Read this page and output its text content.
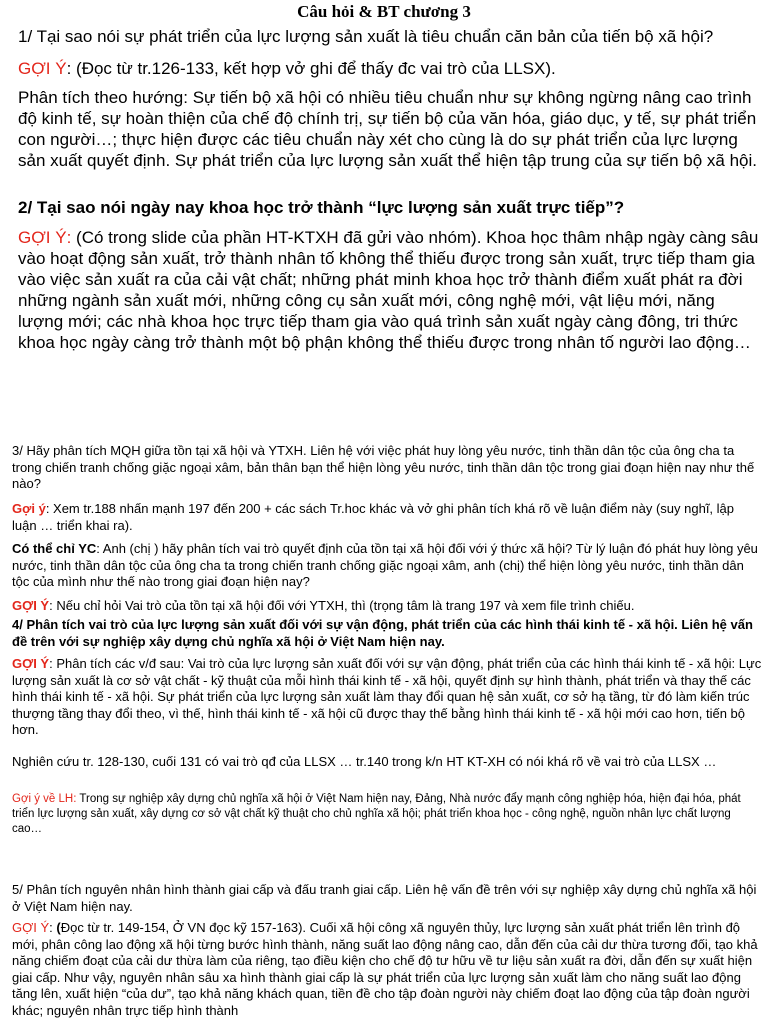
Câu hỏi & BT chương 3

1/ Tại sao nói sự phát triển của lực lượng sản xuất là tiêu chuẩn căn bản của tiến bộ xã hội?

GỢI Ý: (Đọc từ tr.126-133, kết hợp vở ghi để thấy đc vai trò của LLSX).

Phân tích theo hướng: Sự tiến bộ xã hội có nhiều tiêu chuẩn như sự không ngừng nâng cao trình độ kinh tế, sự hoàn thiện của chế độ chính trị, sự tiến bộ của văn hóa, giáo dục, y tế, sự phát triển con người…; thực hiện được các tiêu chuẩn này xét cho cùng là do sự phát triển của lực lượng sản xuất quyết định. Sự phát triển của lực lượng sản xuất thể hiện tập trung của sự tiến bộ xã hội.

2/ Tại sao nói ngày nay khoa học trở thành “lực lượng sản xuất trực tiếp”?

GỢI Ý: (Có trong slide của phần HT-KTXH đã gửi vào nhóm). Khoa học thâm nhập ngày càng sâu vào hoạt động sản xuất, trở thành nhân tố không thể thiếu được trong sản xuất, trực tiếp tham gia vào việc sản xuất ra của cải vật chất; những phát minh khoa học trở thành điểm xuất phát ra đời những ngành sản xuất mới, những công cụ sản xuất mới, công nghệ mới, vật liệu mới, năng lượng mới; các nhà khoa học trực tiếp tham gia vào quá trình sản xuất ngày càng đông, tri thức khoa học ngày càng trở thành một bộ phận không thể thiếu được trong nhân tố người lao động…

3/ Hãy phân tích MQH giữa tồn tại xã hội và YTXH. Liên hệ với việc phát huy lòng yêu nước, tinh thần dân tộc của ông cha ta trong chiến tranh chống giặc ngoại xâm, bản thân bạn thể hiện lòng yêu nước, tinh thần dân tộc trong giai đoạn hiện nay như thế nào?

Gợi ý: Xem tr.188 nhấn mạnh 197 đến 200 + các sách Tr.hoc khác và vở ghi phân tích khá rõ về luận điểm này (suy nghĩ, lập luận … triển khai ra).

Có thể chỉ YC: Anh (chị ) hãy phân tích vai trò quyết định của tồn tại xã hội đối với ý thức xã hội? Từ lý luận đó phát huy lòng yêu nước, tinh thần dân tộc của ông cha ta trong chiến tranh chống giặc ngoại xâm, anh (chị) thể hiện lòng yêu nước, tinh thần dân tộc của mình như thế nào trong giai đoạn hiện nay?

GỢI Ý: Nếu chỉ hỏi Vai trò của tồn tại xã hội đối với YTXH, thì (trọng tâm là trang 197 và xem file trình chiếu.

4/ Phân tích vai trò của lực lượng sản xuất đối với sự vận động, phát triển của các hình thái kinh tế - xã hội. Liên hệ vấn đề trên với sự nghiệp xây dựng chủ nghĩa xã hội ở Việt Nam hiện nay.

GỢI Ý: Phân tích các v/đ sau: Vai trò của lực lượng sản xuất đối với sự vận động, phát triển của các hình thái kinh tế - xã hội: Lực lượng sản xuất là cơ sở vật chất - kỹ thuật của mỗi hình thái kinh tế - xã hội, quyết định sự hình thành, phát triển và thay thế các hình thái kinh tế - xã hội. Sự phát triển của lực lượng sản xuất làm thay đổi quan hệ sản xuất, cơ sở hạ tầng, từ đó làm kiến trúc thượng tầng thay đổi theo, vì thế, hình thái kinh tế - xã hội cũ được thay thế bằng hình thái kinh tế - xã hội mới cao hơn, tiến bộ hơn.

Nghiên cứu tr. 128-130, cuối 131 có vai trò qđ của LLSX … tr.140 trong k/n HT KT-XH có nói khá rõ về vai trò của LLSX …

Gợi ý về LH: Trong sự nghiệp xây dựng chủ nghĩa xã hội ở Việt Nam hiện nay, Đảng, Nhà nước đẩy mạnh công nghiệp hóa, hiện đại hóa, phát triển lực lượng sản xuất, xây dựng cơ sở vật chất kỹ thuật cho chủ nghĩa xã hội; phát triển khoa học - công nghệ, nguồn nhân lực chất lượng cao…

5/ Phân tích nguyên nhân hình thành giai cấp và đấu tranh giai cấp. Liên hệ vấn đề trên với sự nghiệp xây dựng chủ nghĩa xã hội ở Việt Nam hiện nay.

GỢI Ý: (Đọc từ tr. 149-154, Ở VN đọc kỹ 157-163). Cuối xã hội công xã nguyên thủy, lực lượng sản xuất phát triển lên trình độ mới, phân công lao động xã hội từng bước hình thành, năng suất lao động nâng cao, dẫn đến của cải dư thừa tương đối, tạo khả năng chiếm đoạt của cải dư thừa làm của riêng, tạo điều kiện cho chế độ tư hữu về tư liệu sản xuất ra đời, dẫn đến sự xuất hiện giai cấp. Như vậy, nguyên nhân sâu xa hình thành giai cấp là sự phát triển của lực lượng sản xuất làm cho năng suất lao động tăng lên, xuất hiện “của dư”, tạo khả năng khách quan, tiền đề cho tập đoàn người này chiếm đoạt lao động của tập đoàn người khác; nguyên nhân trực tiếp hình thành
